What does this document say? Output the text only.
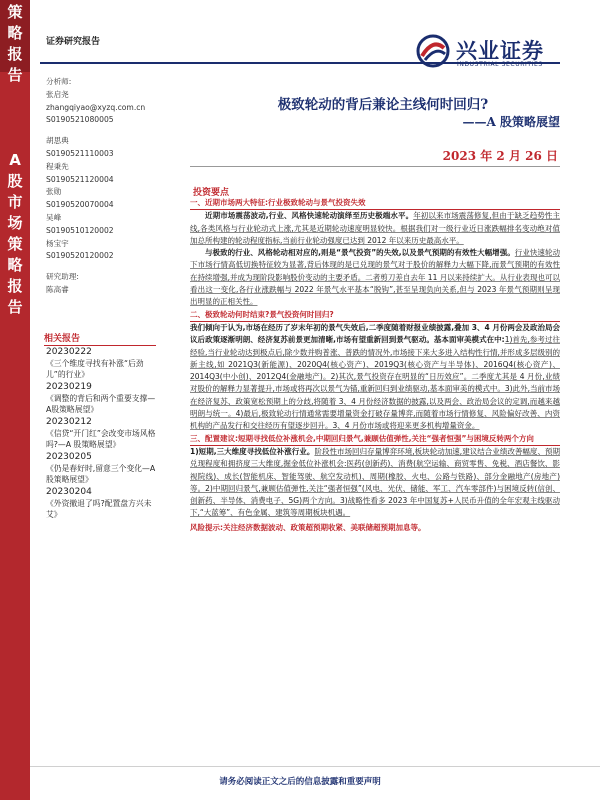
策
略
报
告
A
股
市
场
策
略
报
告
证券研究报告	兴业证券
INDUSTRIAL SECURITIES
分析师:
张启尧
zhangqiyao@xyzq.com.cn
S0190521080005
胡思典
S0190521110003
程秉先
S0190521120004
张勋
S0190520070004
吴峰
S0190510120002
杨宝宇
S0190520120002
研究助理:
陈高睿
相关报告
20230222
《三个维度寻找有补涨“后劲儿”的行业》
20230219
《调整的背后和两个重要支撑—A股策略展望》
20230212
《信贷“开门红”会改变市场风格吗?—A 股策略展望》
20230205
《仍是春好时,留意三个变化—A 股策略展望》
20230204
《外资撤退了吗?配置盘方兴未艾》
极致轮动的背后兼论主线何时回归?
——A 股策略展望
2023 年 2 月 26 日
投资要点

一、近期市场两大特征:行业极致轮动与景气投资失效

近期市场震荡波动,行业、风格快速轮动演绎至历史极端水平。年初以来市场震荡修复,但由于缺乏趋势性主线,各类风格与行业轮动式上涨,尤其是近期轮动速度明显较快。根据我们对一级行业近日涨跌幅排名变动绝对值加总所构建的轮动程度指标,当前行业轮动强度已达到 2012 年以来历史最高水平。

与极致的行业、风格轮动相对应的,则是“景气投资”的失效,以及景气预期的有效性大幅增强。行业快速轮动下市场行情高低切换特征较为显著,背后体现的是已兑现的景气对于股价的解释力大幅下降,而景气预期的有效性在持续增强,并成为现阶段影响股价变动的主要矛盾。二者剪刀差自去年 11 月以来持续扩大。从行业表现也可以看出这一变化,各行业涨跌幅与 2022 年景气水平基本“脱钩”,甚至呈现负向关系,但与 2023 年景气预期则呈现出明显的正相关性。

二、极致轮动何时结束?景气投资何时回归?

我们倾向于认为,市场在经历了岁末年初的景气失效后,二季度随着财报业绩披露,叠加 3、4 月份两会及政治局会议后政策逐渐明朗、经济复苏前景更加清晰,市场有望重新回到景气驱动。基本面审美模式在中:1)首先,参考过往经验,当行业轮动达到极点后,除少数并购普涨、普跌的情况外,市场接下来大多进入结构性行情,并形成多层级别的新主线,如 2021Q3(新能源)、2020Q4(核心资产)、2019Q3(核心资产与半导体)、2016Q4(核心资产)、2014Q3(中小创)、2012Q4(金融地产)。2)其次,景气投资存在明显的“日历效应”。二季度尤其是 4 月份,业绩对股价的解释力显著提升,市场或将再次以景气为锚,重新回归到业绩驱动,基本面审美的模式中。3)此外,当前市场在经济复苏、政策宽松预期上的分歧,将随着 3、4 月份经济数据的披露,以及两会、政治局会议的定调,而越来越明朗与统一。4)最后,极致轮动行情通常需要增量资金打破存量博弈,而随着市场行情修复、风险偏好改善、内资机构的产品发行和交往经历有望逐步回升。3、4 月份市场或将迎来更多机构增量资金。

三、配置建议:短期寻找低位补涨机会,中期回归景气,兼顾估值弹性,关注“强者恒强”与困境反转两个方向

1)短期,三大维度寻找低位补涨行业。阶段性市场回归存量博弈环境,板块轮动加速,建议结合业绩改善幅度、预期兑现程度和拥挤度三大维度,掘金低位补涨机会:医药(创新药)、消费(航空运输、商贸零售、免税、酒店餐饮、影视院线)、成长(智能机床、智能驾驶、航空发动机)、周期(橡胶、火电、公路与铁路)、部分金融地产(房地产)等。2)中期回归景气,兼顾估值弹性,关注“强者恒强”(风电、光伏、储能、军工、汽车零部件)与困境反转(信创、创新药、半导体、消费电子、5G)两个方向。3)战略性看多 2023 年中国复苏+人民币升值的全年宏观主线驱动下,“大蓝筹”、有色金属、建筑等周期板块机遇。

风险提示:关注经济数据波动、政策超预期收紧、美联储超预期加息等。

请务必阅读正文之后的信息披露和重要声明
